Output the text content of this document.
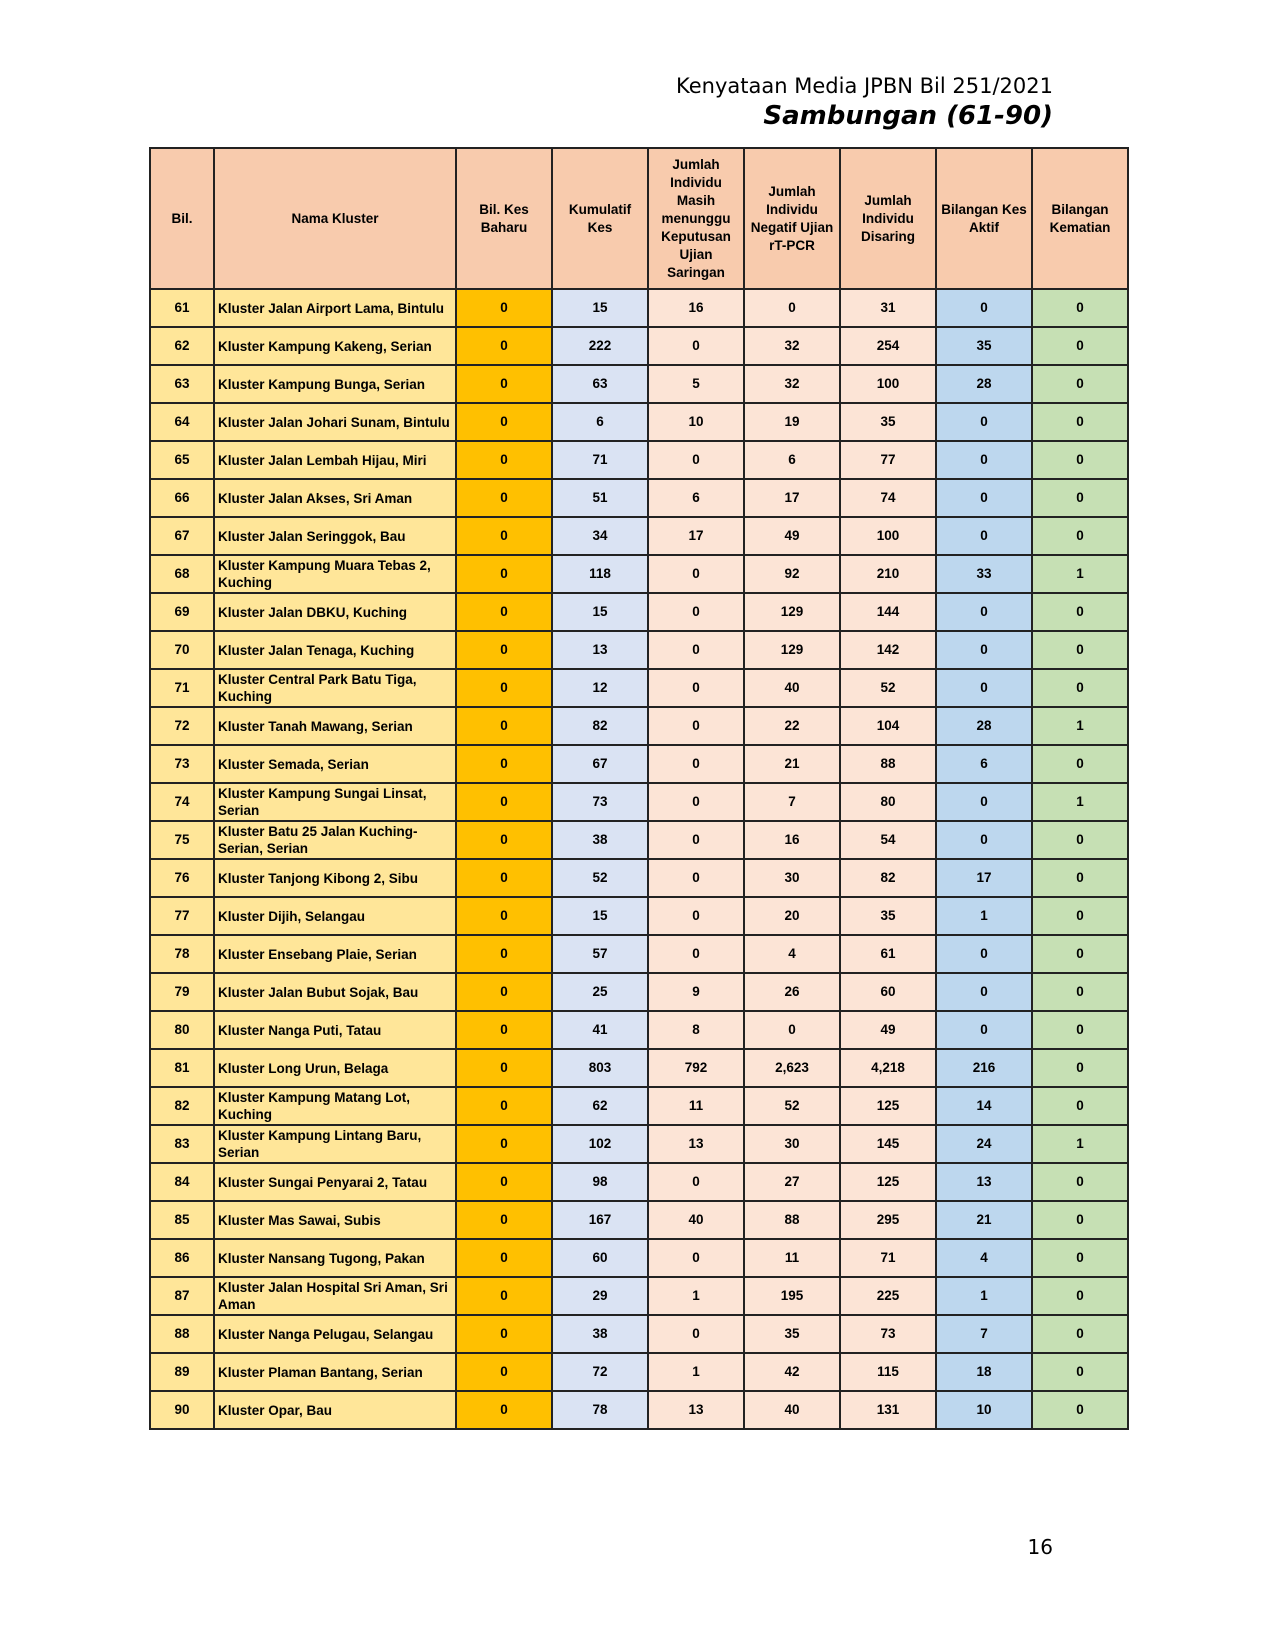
Kenyataan Media JPBN Bil 251/2021
Sambungan (61-90)
Bil.	Nama Kluster	Bil. Kes Baharu	Kumulatif Kes	Jumlah Individu Masih menunggu Keputusan Ujian Saringan	Jumlah Individu Negatif Ujian rT-PCR	Jumlah Individu Disaring	Bilangan Kes Aktif	Bilangan Kematian
61	Kluster Jalan Airport Lama, Bintulu	0	15	16	0	31	0	0
62	Kluster Kampung Kakeng, Serian	0	222	0	32	254	35	0
63	Kluster Kampung Bunga, Serian	0	63	5	32	100	28	0
64	Kluster Jalan Johari Sunam, Bintulu	0	6	10	19	35	0	0
65	Kluster Jalan Lembah Hijau, Miri	0	71	0	6	77	0	0
66	Kluster Jalan Akses, Sri Aman	0	51	6	17	74	0	0
67	Kluster Jalan Seringgok, Bau	0	34	17	49	100	0	0
68	Kluster Kampung Muara Tebas 2, Kuching	0	118	0	92	210	33	1
69	Kluster Jalan DBKU, Kuching	0	15	0	129	144	0	0
70	Kluster Jalan Tenaga, Kuching	0	13	0	129	142	0	0
71	Kluster Central Park Batu Tiga, Kuching	0	12	0	40	52	0	0
72	Kluster Tanah Mawang, Serian	0	82	0	22	104	28	1
73	Kluster Semada, Serian	0	67	0	21	88	6	0
74	Kluster Kampung Sungai Linsat, Serian	0	73	0	7	80	0	1
75	Kluster Batu 25 Jalan Kuching-Serian, Serian	0	38	0	16	54	0	0
76	Kluster Tanjong Kibong 2, Sibu	0	52	0	30	82	17	0
77	Kluster Dijih, Selangau	0	15	0	20	35	1	0
78	Kluster Ensebang Plaie, Serian	0	57	0	4	61	0	0
79	Kluster Jalan Bubut Sojak, Bau	0	25	9	26	60	0	0
80	Kluster Nanga Puti, Tatau	0	41	8	0	49	0	0
81	Kluster Long Urun, Belaga	0	803	792	2,623	4,218	216	0
82	Kluster Kampung Matang Lot, Kuching	0	62	11	52	125	14	0
83	Kluster Kampung Lintang Baru, Serian	0	102	13	30	145	24	1
84	Kluster Sungai Penyarai 2, Tatau	0	98	0	27	125	13	0
85	Kluster Mas Sawai, Subis	0	167	40	88	295	21	0
86	Kluster Nansang Tugong, Pakan	0	60	0	11	71	4	0
87	Kluster Jalan Hospital Sri Aman, Sri Aman	0	29	1	195	225	1	0
88	Kluster Nanga Pelugau, Selangau	0	38	0	35	73	7	0
89	Kluster Plaman Bantang, Serian	0	72	1	42	115	18	0
90	Kluster Opar, Bau	0	78	13	40	131	10	0
16
